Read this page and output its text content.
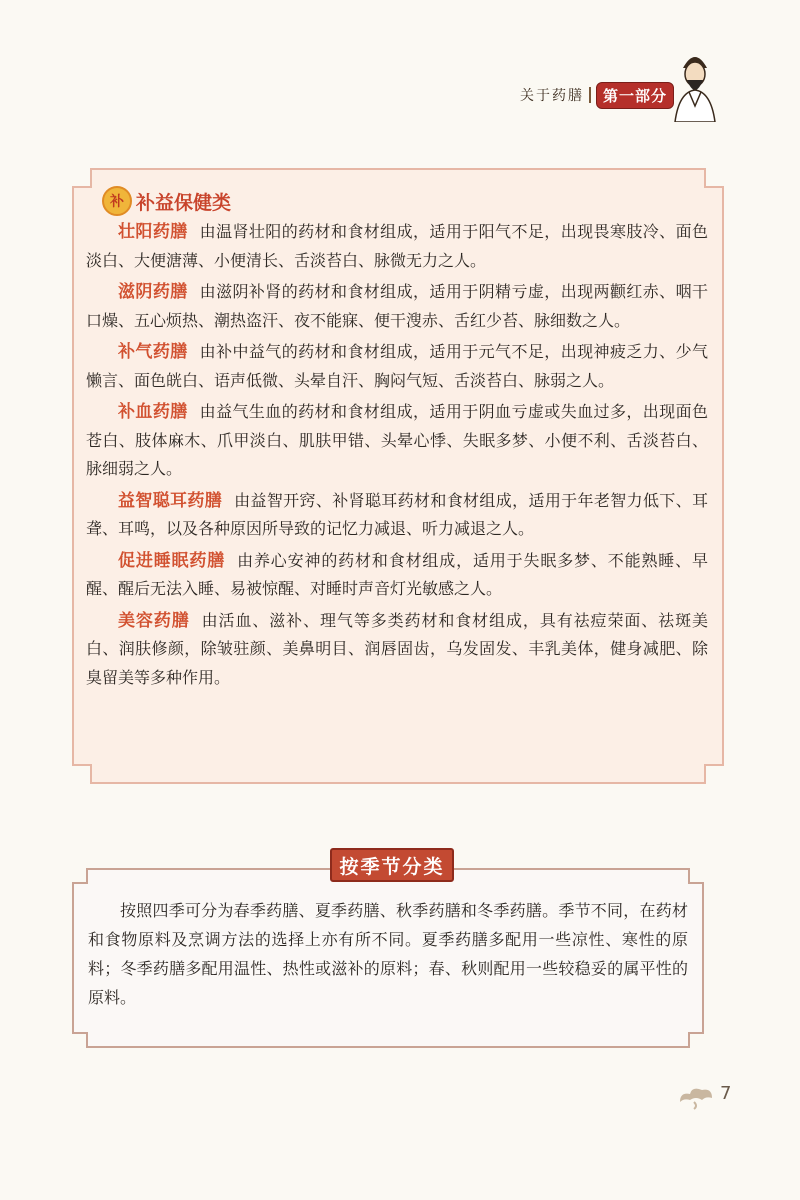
关于药膳	第一部分
补 补益保健类

壮阳药膳 由温肾壮阳的药材和食材组成，适用于阳气不足，出现畏寒肢冷、面色淡白、大便溏薄、小便清长、舌淡苔白、脉微无力之人。

滋阴药膳 由滋阴补肾的药材和食材组成，适用于阴精亏虚，出现两颧红赤、咽干口燥、五心烦热、潮热盗汗、夜不能寐、便干溲赤、舌红少苔、脉细数之人。

补气药膳 由补中益气的药材和食材组成，适用于元气不足，出现神疲乏力、少气懒言、面色㿠白、语声低微、头晕自汗、胸闷气短、舌淡苔白、脉弱之人。

补血药膳 由益气生血的药材和食材组成，适用于阴血亏虚或失血过多，出现面色苍白、肢体麻木、爪甲淡白、肌肤甲错、头晕心悸、失眠多梦、小便不利、舌淡苔白、脉细弱之人。

益智聪耳药膳 由益智开窍、补肾聪耳药材和食材组成，适用于年老智力低下、耳聋、耳鸣，以及各种原因所导致的记忆力减退、听力减退之人。

促进睡眠药膳 由养心安神的药材和食材组成，适用于失眠多梦、不能熟睡、早醒、醒后无法入睡、易被惊醒、对睡时声音灯光敏感之人。

美容药膳 由活血、滋补、理气等多类药材和食材组成，具有祛痘荣面、祛斑美白、润肤修颜，除皱驻颜、美鼻明目、润唇固齿，乌发固发、丰乳美体，健身减肥、除臭留美等多种作用。

按照四季可分为春季药膳、夏季药膳、秋季药膳和冬季药膳。季节不同，在药材和食物原料及烹调方法的选择上亦有所不同。夏季药膳多配用一些凉性、寒性的原料；冬季药膳多配用温性、热性或滋补的原料；春、秋则配用一些较稳妥的属平性的原料。

按季节分类
7
